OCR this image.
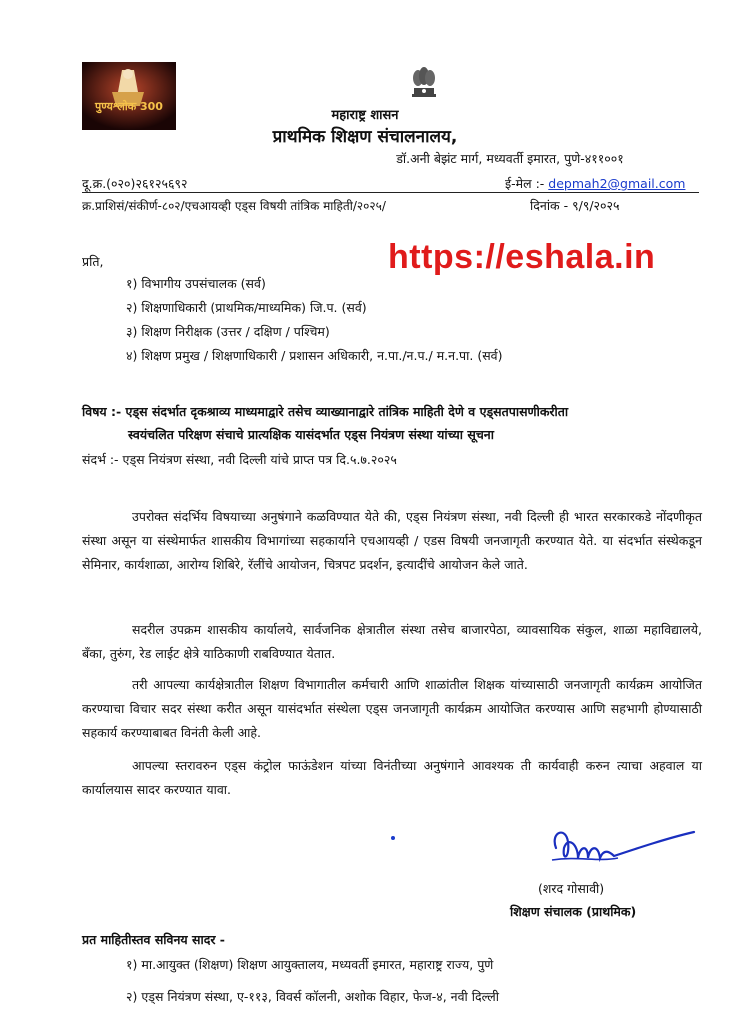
पुण्यश्लोक 300
महाराष्ट्र शासन
प्राथमिक शिक्षण संचालनालय,
डॉ.अनी बेझंट मार्ग, मध्यवर्ती इमारत, पुणे-४११००१
दू.क्र.(०२०)२६१२५६९२	ई-मेल :- depmah2@gmail.com
क्र.प्राशिसं/संकीर्ण-८०२/एचआयव्ही एड्स विषयी तांत्रिक माहिती/२०२५/	दिनांक - ९/९/२०२५
https://eshala.in
प्रति,
१) विभागीय उपसंचालक (सर्व)
२) शिक्षणाधिकारी (प्राथमिक/माध्यमिक) जि.प. (सर्व)
३) शिक्षण निरीक्षक (उत्तर / दक्षिण / पश्चिम)
४) शिक्षण प्रमुख / शिक्षणाधिकारी / प्रशासन अधिकारी, न.पा./न.प./ म.न.पा. (सर्व)
विषय :- एड्स संदर्भात दृकश्राव्य माध्यमाद्वारे तसेच व्याख्यानाद्वारे तांत्रिक माहिती देणे व एड्सतपासणीकरीता
स्वयंचलित परिक्षण संचाचे प्रात्यक्षिक यासंदर्भात एड्स नियंत्रण संस्था यांच्या सूचना
संदर्भ :- एड्स नियंत्रण संस्था, नवी दिल्ली यांचे प्राप्त पत्र दि.५.७.२०२५
उपरोक्त संदर्भिय विषयाच्या अनुषंगाने कळविण्यात येते की, एड्स नियंत्रण संस्था, नवी दिल्ली ही भारत सरकारकडे नोंदणीकृत संस्था असून या संस्थेमार्फत शासकीय विभागांच्या सहकार्याने एचआयव्ही / एडस विषयी जनजागृती करण्यात येते. या संदर्भात संस्थेकडून सेमिनार, कार्यशाळा, आरोग्य शिबिरे, रॅलींचे आयोजन, चित्रपट प्रदर्शन, इत्यादींचे आयोजन केले जाते.
सदरील उपक्रम शासकीय कार्यालये, सार्वजनिक क्षेत्रातील संस्था तसेच बाजारपेठा, व्यावसायिक संकुल, शाळा महाविद्यालये, बँका, तुरुंग, रेड लाईट क्षेत्रे याठिकाणी राबविण्यात येतात.
तरी आपल्या कार्यक्षेत्रातील शिक्षण विभागातील कर्मचारी आणि शाळांतील शिक्षक यांच्यासाठी जनजागृती कार्यक्रम आयोजित करण्याचा विचार सदर संस्था करीत असून यासंदर्भात संस्थेला एड्स जनजागृती कार्यक्रम आयोजित करण्यास आणि सहभागी होण्यासाठी सहकार्य करण्याबाबत विनंती केली आहे.
आपल्या स्तरावरुन एड्स कंट्रोल फाऊंडेशन यांच्या विनंतीच्या अनुषंगाने आवश्यक ती कार्यवाही करुन त्याचा अहवाल या कार्यालयास सादर करण्यात यावा.
(शरद गोसावी)
शिक्षण संचालक (प्राथमिक)
प्रत माहितीस्तव सविनय सादर -
१) मा.आयुक्त (शिक्षण) शिक्षण आयुक्तालय, मध्यवर्ती इमारत, महाराष्ट्र राज्य, पुणे
२) एड्स नियंत्रण संस्था, ए-११३, विवर्स कॉलनी, अशोक विहार, फेज-४, नवी दिल्ली
